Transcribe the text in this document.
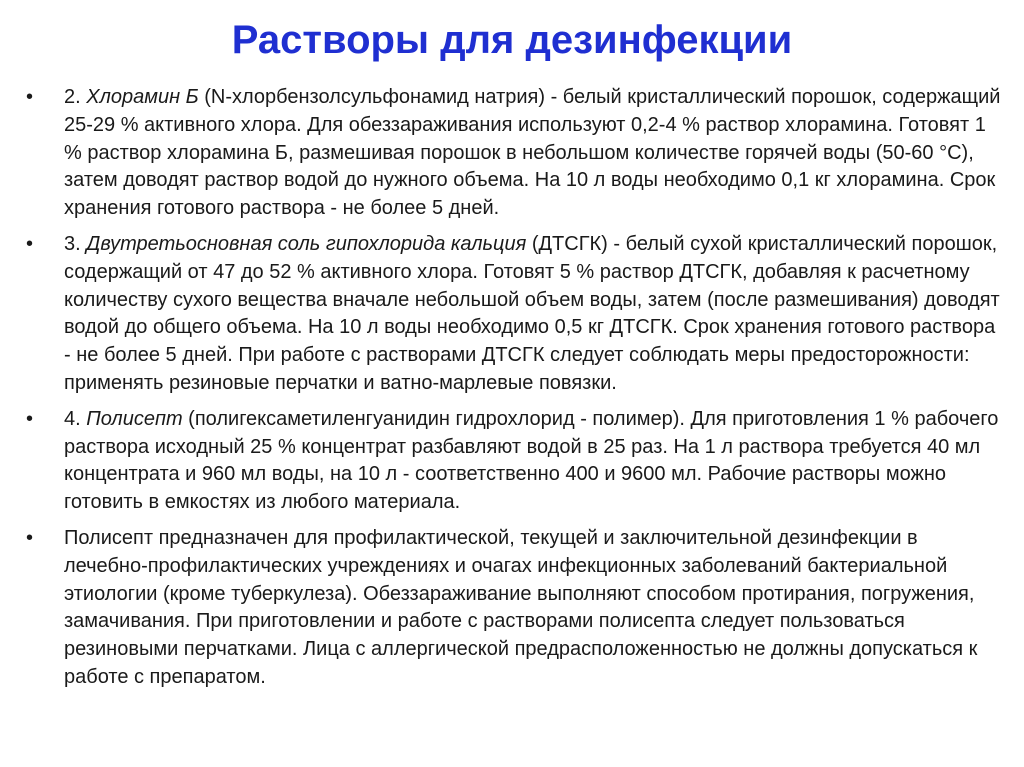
Растворы для дезинфекции
• 2. Хлорамин Б (N-хлорбензолсульфонамид натрия) - белый кристаллический порошок, содержащий 25-29 % активного хлора. Для обеззараживания используют 0,2-4 % раствор хлорамина. Готовят 1 % раствор хлорамина Б, размешивая порошок в небольшом количестве горячей воды (50-60 °С), затем доводят раствор водой до нужного объема. На 10 л воды необходимо 0,1 кг хлорамина. Срок хранения готового раствора - не более 5 дней.
• 3. Двутретьосновная соль гипохлорида кальция (ДТСГК) - белый сухой кристаллический порошок, содержащий от 47 до 52 % активного хлора. Готовят 5 % раствор ДТСГК, добавляя к расчетному количеству сухого вещества вначале небольшой объем воды, затем (после размешивания) доводят водой до общего объема. На 10 л воды необходимо 0,5 кг ДТСГК. Срок хранения готового раствора - не более 5 дней. При работе с растворами ДТСГК следует соблюдать меры предосторожности: применять резиновые перчатки и ватно-марлевые повязки.
• 4. Полисепт (полигексаметиленгуанидин гидрохлорид - полимер). Для приготовления 1 % рабочего раствора исходный 25 % концентрат разбавляют водой в 25 раз. На 1 л раствора требуется 40 мл концентрата и 960 мл воды, на 10 л - соответственно 400 и 9600 мл. Рабочие растворы можно готовить в емкостях из любого материала.
• Полисепт предназначен для профилактической, текущей и заключительной дезинфекции в лечебно-профилактических учреждениях и очагах инфекционных заболеваний бактериальной этиологии (кроме туберкулеза). Обеззараживание выполняют способом протирания, погружения, замачивания. При приготовлении и работе с растворами полисепта следует пользоваться резиновыми перчатками. Лица с аллергической предрасположенностью не должны допускаться к работе с препаратом.
